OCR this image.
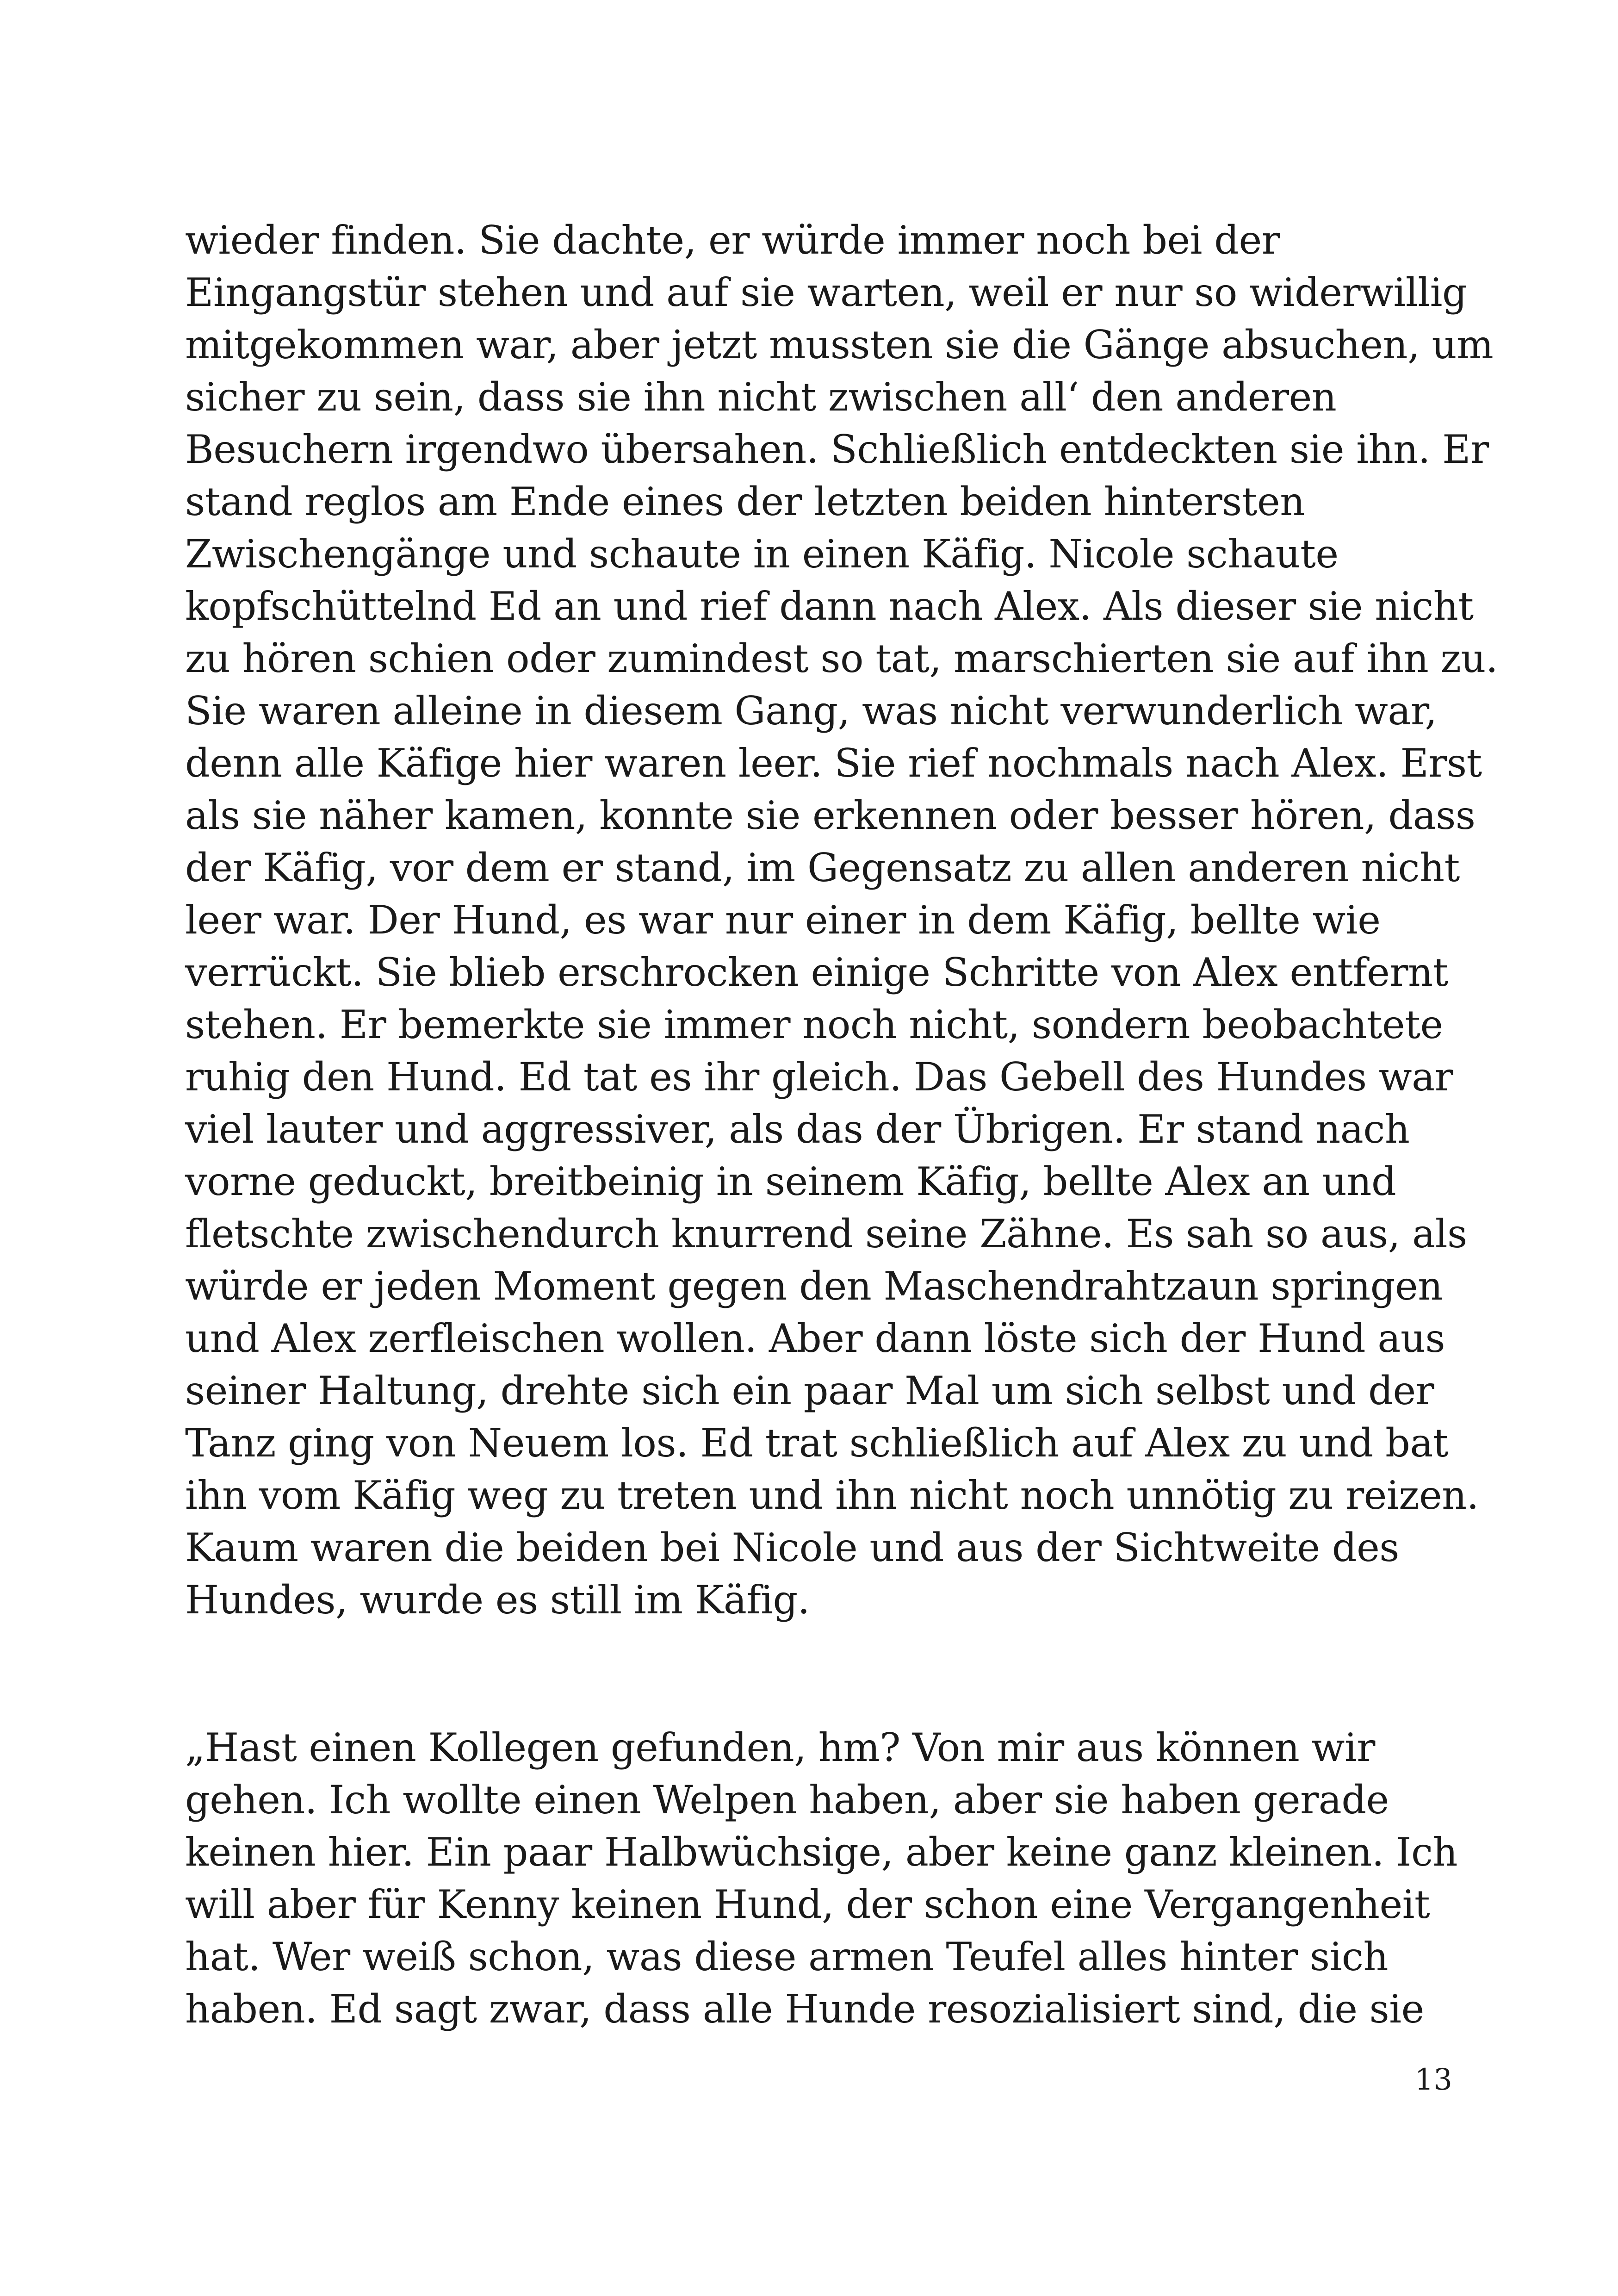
wieder finden. Sie dachte, er würde immer noch bei der
Eingangstür stehen und auf sie warten, weil er nur so widerwillig
mitgekommen war, aber jetzt mussten sie die Gänge absuchen, um
sicher zu sein, dass sie ihn nicht zwischen all‘ den anderen
Besuchern irgendwo übersahen. Schließlich entdeckten sie ihn. Er
stand reglos am Ende eines der letzten beiden hintersten
Zwischengänge und schaute in einen Käfig. Nicole schaute
kopfschüttelnd Ed an und rief dann nach Alex. Als dieser sie nicht
zu hören schien oder zumindest so tat, marschierten sie auf ihn zu.
Sie waren alleine in diesem Gang, was nicht verwunderlich war,
denn alle Käfige hier waren leer. Sie rief nochmals nach Alex. Erst
als sie näher kamen, konnte sie erkennen oder besser hören, dass
der Käfig, vor dem er stand, im Gegensatz zu allen anderen nicht
leer war. Der Hund, es war nur einer in dem Käfig, bellte wie
verrückt. Sie blieb erschrocken einige Schritte von Alex entfernt
stehen. Er bemerkte sie immer noch nicht, sondern beobachtete
ruhig den Hund. Ed tat es ihr gleich. Das Gebell des Hundes war
viel lauter und aggressiver, als das der Übrigen. Er stand nach
vorne geduckt, breitbeinig in seinem Käfig, bellte Alex an und
fletschte zwischendurch knurrend seine Zähne. Es sah so aus, als
würde er jeden Moment gegen den Maschendrahtzaun springen
und Alex zerfleischen wollen. Aber dann löste sich der Hund aus
seiner Haltung, drehte sich ein paar Mal um sich selbst und der
Tanz ging von Neuem los. Ed trat schließlich auf Alex zu und bat
ihn vom Käfig weg zu treten und ihn nicht noch unnötig zu reizen.
Kaum waren die beiden bei Nicole und aus der Sichtweite des
Hundes, wurde es still im Käfig.
„Hast einen Kollegen gefunden, hm? Von mir aus können wir
gehen. Ich wollte einen Welpen haben, aber sie haben gerade
keinen hier. Ein paar Halbwüchsige, aber keine ganz kleinen. Ich
will aber für Kenny keinen Hund, der schon eine Vergangenheit
hat. Wer weiß schon, was diese armen Teufel alles hinter sich
haben. Ed sagt zwar, dass alle Hunde resozialisiert sind, die sie
13
